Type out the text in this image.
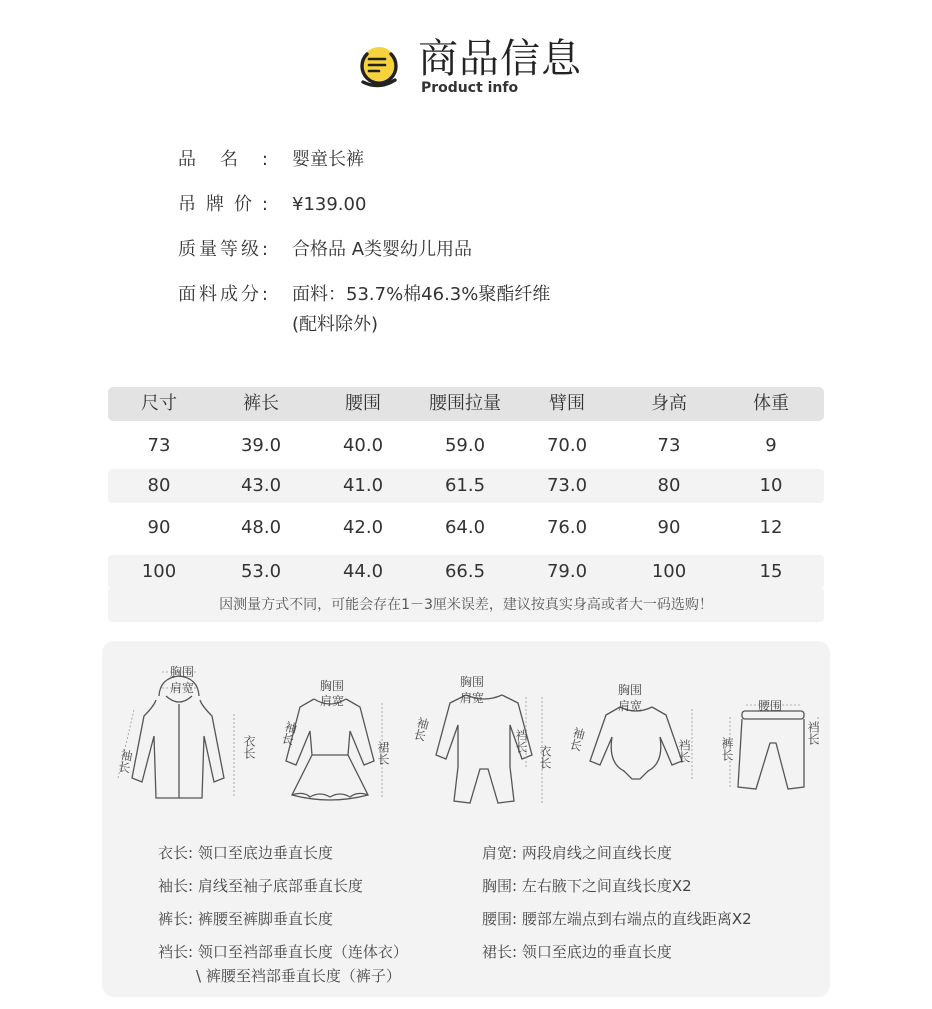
商品信息
Product info
品名: 婴童长裤
吊牌价: ¥139.00
质量等级: 合格品 A类婴幼儿用品
面料成分: 面料：53.7%棉46.3%聚酯纤维
(配料除外)
尺寸	裤长	腰围	腰围拉量	臂围	身高	体重
73	39.0	40.0	59.0	70.0	73	9
80	43.0	41.0	61.5	73.0	80	10
90	48.0	42.0	64.0	76.0	90	12
100	53.0	44.0	66.5	79.0	100	15
因测量方式不同，可能会存在1－3厘米误差，建议按真实身高或者大一码选购！
胸围
肩宽
衣长
袖长
胸围
肩宽
裙长
袖长
胸围
肩宽
裆长
衣长
袖长
胸围
肩宽
裆长
袖长
腰围
裤长
裆长
衣长: 领口至底边垂直长度
袖长: 肩线至袖子底部垂直长度
裤长: 裤腰至裤脚垂直长度
裆长: 领口至裆部垂直长度（连体衣）
\ 裤腰至裆部垂直长度（裤子）
肩宽: 两段肩线之间直线长度
胸围: 左右腋下之间直线长度X2
腰围: 腰部左端点到右端点的直线距离X2
裙长: 领口至底边的垂直长度
